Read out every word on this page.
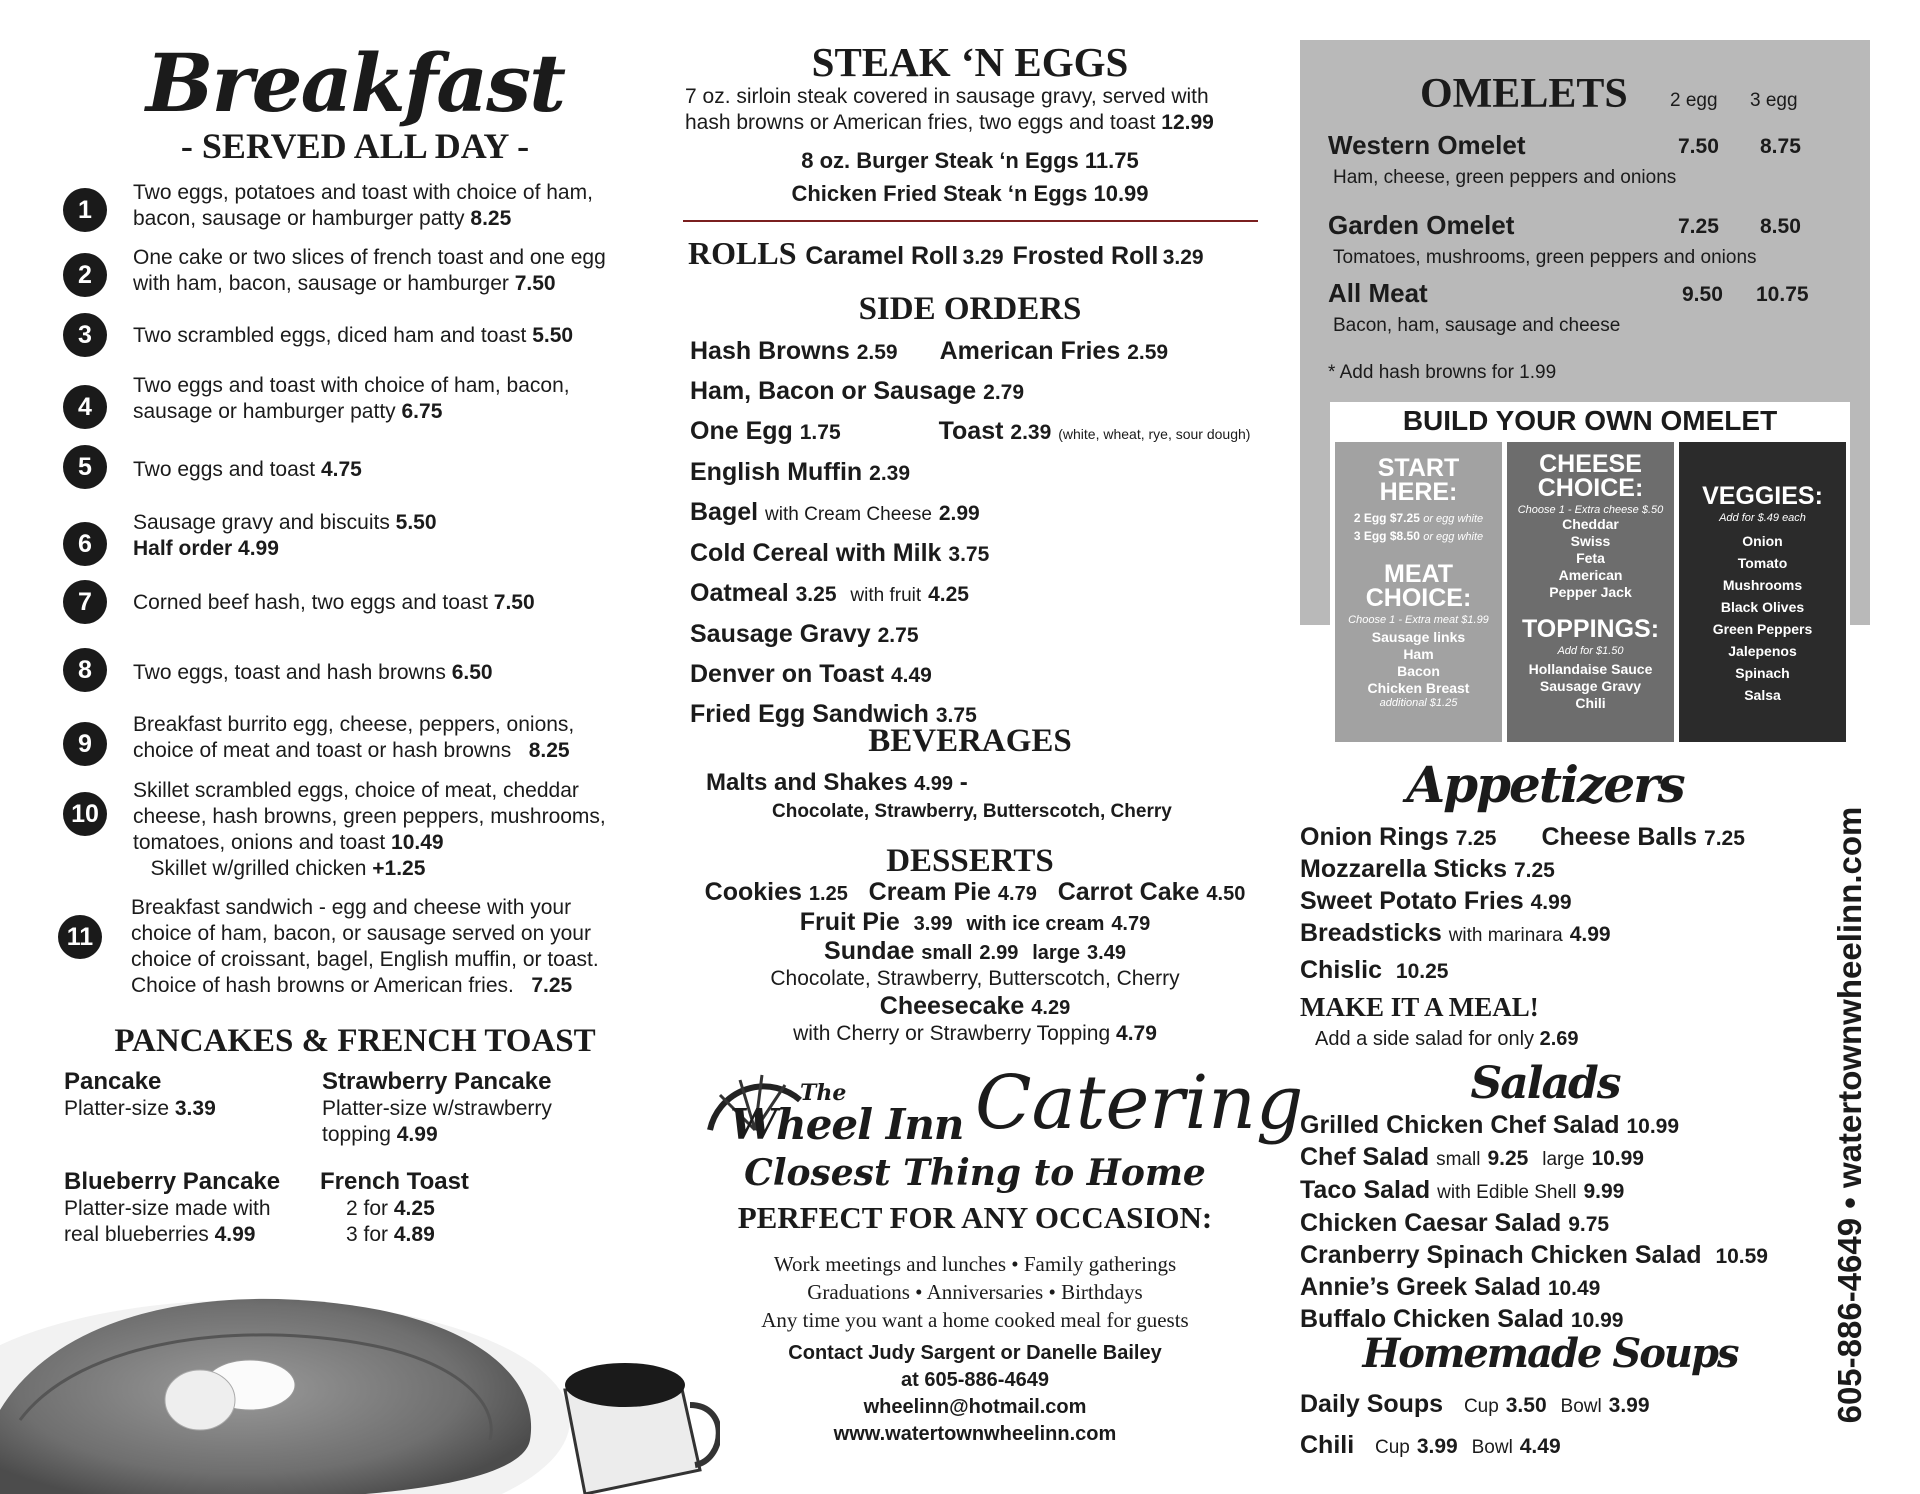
Breakfast
- SERVED ALL DAY -
1
Two eggs, potatoes and toast with choice of ham,
bacon, sausage or hamburger patty 8.25
2
One cake or two slices of french toast and one egg
with ham, bacon, sausage or hamburger 7.50
3	Two scrambled eggs, diced ham and toast 5.50
4
Two eggs and toast with choice of ham, bacon,
sausage or hamburger patty 6.75
5	Two eggs and toast 4.75
6
Sausage gravy and biscuits 5.50
Half order 4.99
7	Corned beef hash, two eggs and toast 7.50
8	Two eggs, toast and hash browns 6.50
9
Breakfast burrito egg, cheese, peppers, onions,
choice of meat and toast or hash browns 8.25
10
Skillet scrambled eggs, choice of meat, cheddar
cheese, hash browns, green peppers, mushrooms,
tomatoes, onions and toast 10.49
Skillet w/grilled chicken +1.25
11
Breakfast sandwich - egg and cheese with your
choice of ham, bacon, or sausage served on your
choice of croissant, bagel, English muffin, or toast.
Choice of hash browns or American fries. 7.25
PANCAKES & FRENCH TOAST
Pancake
Platter-size 3.39
Strawberry Pancake
Platter-size w/strawberry
topping 4.99
Blueberry Pancake
Platter-size made with
real blueberries 4.99
French Toast
2 for 4.25
3 for 4.89
STEAK ‘N EGGS
7 oz. sirloin steak covered in sausage gravy, served with
hash browns or American fries, two eggs and toast 12.99
8 oz. Burger Steak ‘n Eggs 11.75
Chicken Fried Steak ‘n Eggs 10.99
ROLLS Caramel Roll 3.29 Frosted Roll 3.29
SIDE ORDERS
Hash Browns 2.59 American Fries 2.59
Ham, Bacon or Sausage 2.79
One Egg 1.75	Toast 2.39 (white, wheat, rye, sour dough)
English Muffin 2.39
Bagel with Cream Cheese 2.99
Cold Cereal with Milk 3.75
Oatmeal 3.25 with fruit 4.25
Sausage Gravy 2.75
Denver on Toast 4.49
Fried Egg Sandwich 3.75
BEVERAGES
Malts and Shakes 4.99 -
Chocolate, Strawberry, Butterscotch, Cherry
DESSERTS
Cookies 1.25 Cream Pie 4.79 Carrot Cake 4.50
Fruit Pie 3.99 with ice cream 4.79
Sundae small 2.99 large 3.49
Chocolate, Strawberry, Butterscotch, Cherry
Cheesecake 4.29
with Cherry or Strawberry Topping 4.79
The
Wheel Inn Catering
Closest Thing to Home
PERFECT FOR ANY OCCASION:
Work meetings and lunches • Family gatherings
Graduations • Anniversaries • Birthdays
Any time you want a home cooked meal for guests
Contact Judy Sargent or Danelle Bailey
at 605-886-4649
wheelinn@hotmail.com
www.watertownwheelinn.com
OMELETS 2 egg 3 egg
Western Omelet	7.50 8.75
Ham, cheese, green peppers and onions
Garden Omelet	7.25 8.50
Tomatoes, mushrooms, green peppers and onions
All Meat	9.50 10.75
Bacon, ham, sausage and cheese
* Add hash browns for 1.99
BUILD YOUR OWN OMELET
START
HERE:
2 Egg $7.25 or egg white
3 Egg $8.50 or egg white
MEAT
CHOICE:
Choose 1 - Extra meat $1.99
Sausage links
Ham
Bacon
Chicken Breast
additional $1.25
CHEESE
CHOICE:
Choose 1 - Extra cheese $.50
Cheddar
Swiss
Feta
American
Pepper Jack
TOPPINGS:
Add for $1.50
Hollandaise Sauce
Sausage Gravy
Chili
VEGGIES:
Add for $.49 each
Onion
Tomato
Mushrooms
Black Olives
Green Peppers
Jalepenos
Spinach
Salsa
Appetizers
Onion Rings 7.25 Cheese Balls 7.25
Mozzarella Sticks 7.25
Sweet Potato Fries 4.99
Breadsticks with marinara 4.99
Chislic 10.25
MAKE IT A MEAL!
Add a side salad for only 2.69
Salads
Grilled Chicken Chef Salad 10.99
Chef Salad small 9.25 large 10.99
Taco Salad with Edible Shell 9.99
Chicken Caesar Salad 9.75
Cranberry Spinach Chicken Salad 10.59
Annie’s Greek Salad 10.49
Buffalo Chicken Salad 10.99
Homemade Soups
Daily Soups Cup 3.50 Bowl 3.99
Chili Cup 3.99 Bowl 4.49
605-886-4649 • watertownwheelinn.com
